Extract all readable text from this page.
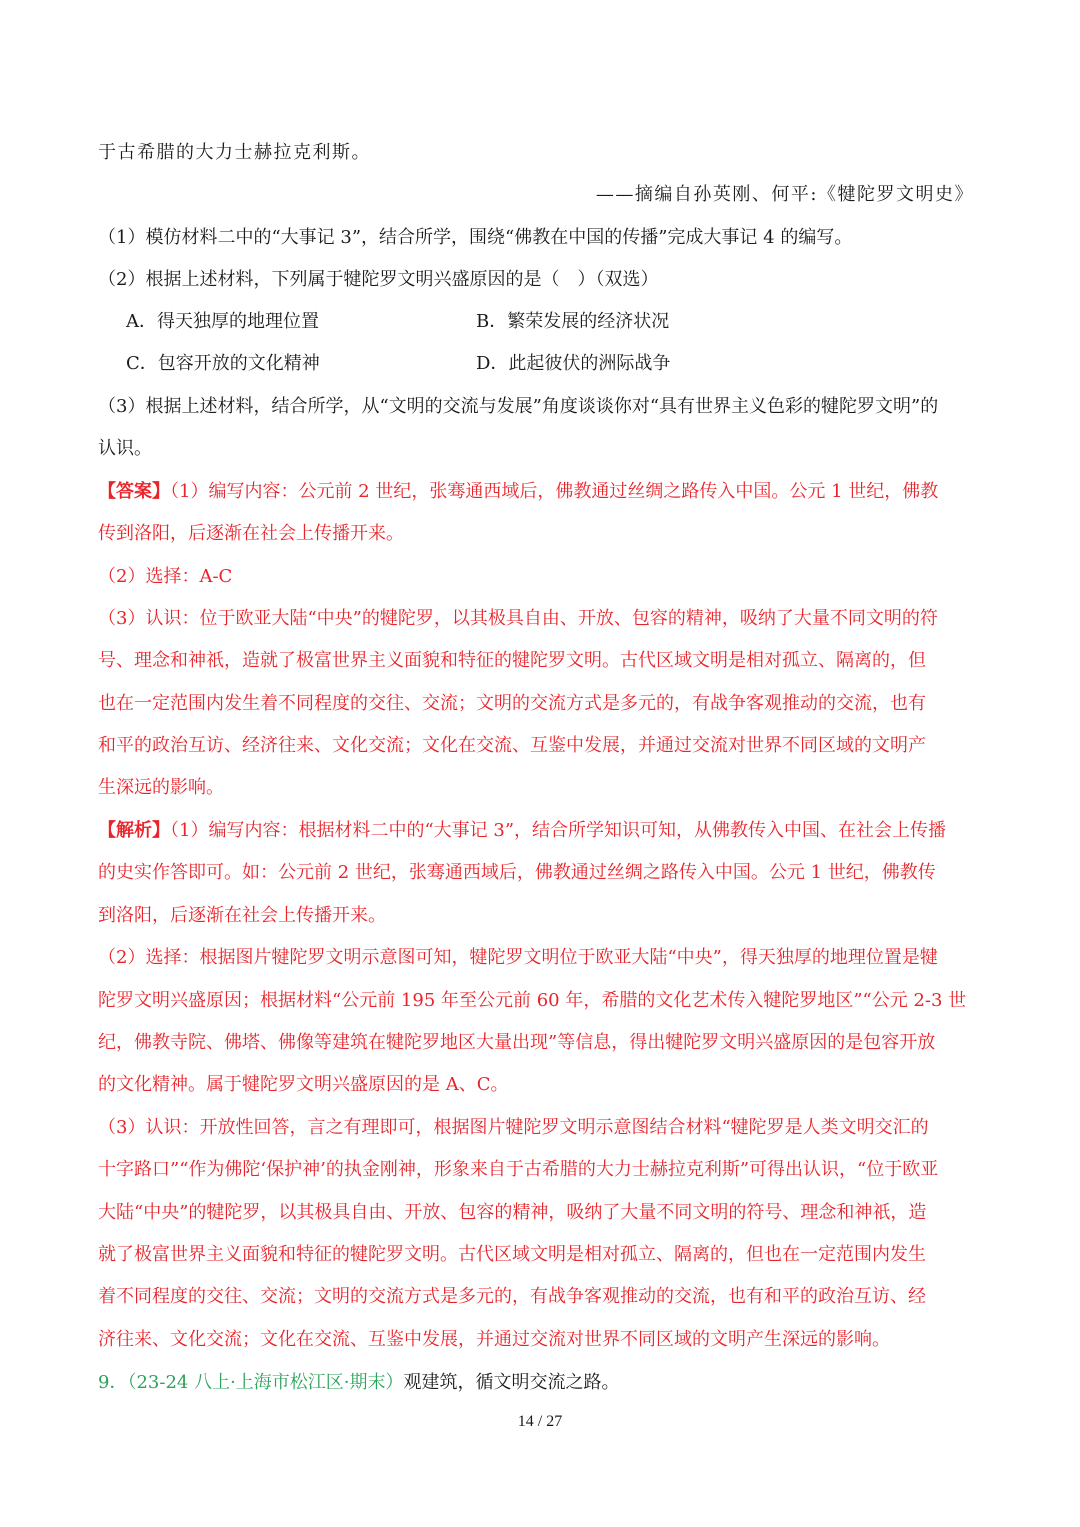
于古希腊的大力士赫拉克利斯。
——摘编自孙英刚、何平:《犍陀罗文明史》
（1）模仿材料二中的“大事记 3”，结合所学，围绕“佛教在中国的传播”完成大事记 4 的编写。
（2）根据上述材料，下列属于犍陀罗文明兴盛原因的是（　）（双选）
A．得天独厚的地理位置	B．繁荣发展的经济状况
C．包容开放的文化精神	D．此起彼伏的洲际战争
（3）根据上述材料，结合所学，从“文明的交流与发展”角度谈谈你对“具有世界主义色彩的犍陀罗文明”的
认识。
【答案】（1）编写内容：公元前 2 世纪，张骞通西域后，佛教通过丝绸之路传入中国。公元 1 世纪，佛教
传到洛阳，后逐渐在社会上传播开来。
（2）选择：A-C
（3）认识：位于欧亚大陆“中央”的犍陀罗，以其极具自由、开放、包容的精神，吸纳了大量不同文明的符
号、理念和神祇，造就了极富世界主义面貌和特征的犍陀罗文明。古代区域文明是相对孤立、隔离的，但
也在一定范围内发生着不同程度的交往、交流；文明的交流方式是多元的，有战争客观推动的交流，也有
和平的政治互访、经济往来、文化交流；文化在交流、互鉴中发展，并通过交流对世界不同区域的文明产
生深远的影响。
【解析】（1）编写内容：根据材料二中的“大事记 3”，结合所学知识可知，从佛教传入中国、在社会上传播
的史实作答即可。如：公元前 2 世纪，张骞通西域后，佛教通过丝绸之路传入中国。公元 1 世纪，佛教传
到洛阳，后逐渐在社会上传播开来。
（2）选择：根据图片犍陀罗文明示意图可知，犍陀罗文明位于欧亚大陆“中央”，得天独厚的地理位置是犍
陀罗文明兴盛原因；根据材料“公元前 195 年至公元前 60 年，希腊的文化艺术传入犍陀罗地区”“公元 2-3 世
纪，佛教寺院、佛塔、佛像等建筑在犍陀罗地区大量出现”等信息，得出犍陀罗文明兴盛原因的是包容开放
的文化精神。属于犍陀罗文明兴盛原因的是 A、C。
（3）认识：开放性回答，言之有理即可，根据图片犍陀罗文明示意图结合材料“犍陀罗是人类文明交汇的
十字路口”“作为佛陀‘保护神’的执金刚神，形象来自于古希腊的大力士赫拉克利斯”可得出认识，“位于欧亚
大陆“中央”的犍陀罗，以其极具自由、开放、包容的精神，吸纳了大量不同文明的符号、理念和神祇，造
就了极富世界主义面貌和特征的犍陀罗文明。古代区域文明是相对孤立、隔离的，但也在一定范围内发生
着不同程度的交往、交流；文明的交流方式是多元的，有战争客观推动的交流，也有和平的政治互访、经
济往来、文化交流；文化在交流、互鉴中发展，并通过交流对世界不同区域的文明产生深远的影响。
9．（23-24 八上·上海市松江区·期末）观建筑，循文明交流之路。
14 / 27
